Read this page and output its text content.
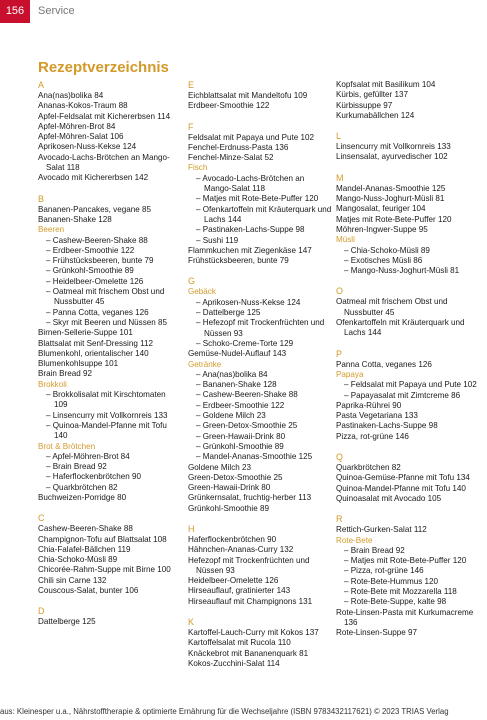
156	Service
Rezeptverzeichnis
A
Ana(nas)bolika 84
Ananas-Kokos-Traum 88
Apfel-Feldsalat mit Kichererbsen 114
Apfel-Möhren-Brot 84
Apfel-Möhren-Salat 106
Aprikosen-Nuss-Kekse 124
Avocado-Lachs-Brötchen an Mango-Salat 118
Avocado mit Kichererbsen 142
B
Bananen-Pancakes, vegane 85
Bananen-Shake 128
Beeren
– Cashew-Beeren-Shake 88
– Erdbeer-Smoothie 122
– Frühstücksbeeren, bunte 79
– Grünkohl-Smoothie 89
– Heidelbeer-Omelette 126
– Oatmeal mit frischem Obst und Nussbutter 45
– Panna Cotta, veganes 126
– Skyr mit Beeren und Nüssen 85
Birnen-Sellerie-Suppe 101
Blattsalat mit Senf-Dressing 112
Blumenkohl, orientalischer 140
Blumenkohlsuppe 101
Brain Bread 92
Brokkoli
– Brokkolisalat mit Kirschtomaten 109
– Linsencurry mit Vollkornreis 133
– Quinoa-Mandel-Pfanne mit Tofu 140
Brot & Brötchen
– Apfel-Möhren-Brot 84
– Brain Bread 92
– Haferflockenbrötchen 90
– Quarkbrötchen 82
Buchweizen-Porridge 80
C
Cashew-Beeren-Shake 88
Champignon-Tofu auf Blattsalat 108
Chia-Falafel-Bällchen 119
Chia-Schoko-Müsli 89
Chicorée-Rahm-Suppe mit Birne 100
Chili sin Carne 132
Couscous-Salat, bunter 106
D
Dattelberge 125
E
Eichblattsalat mit Mandeltofu 109
Erdbeer-Smoothie 122
F
Feldsalat mit Papaya und Pute 102
Fenchel-Erdnuss-Pasta 136
Fenchel-Minze-Salat 52
Fisch
– Avocado-Lachs-Brötchen an Mango-Salat 118
– Matjes mit Rote-Bete-Puffer 120
– Ofenkartoffeln mit Kräuterquark und Lachs 144
– Pastinaken-Lachs-Suppe 98
– Sushi 119
Flammkuchen mit Ziegenkäse 147
Frühstücksbeeren, bunte 79
G
Gebäck
– Aprikosen-Nuss-Kekse 124
– Dattelberge 125
– Hefezopf mit Trockenfrüchten und Nüssen 93
– Schoko-Creme-Torte 129
Gemüse-Nudel-Auflauf 143
Getränke
– Ana(nas)bolika 84
– Bananen-Shake 128
– Cashew-Beeren-Shake 88
– Erdbeer-Smoothie 122
– Goldene Milch 23
– Green-Detox-Smoothie 25
– Green-Hawaii-Drink 80
– Grünkohl-Smoothie 89
– Mandel-Ananas-Smoothie 125
Goldene Milch 23
Green-Detox-Smoothie 25
Green-Hawaii-Drink 80
Grünkernsalat, fruchtig-herber 113
Grünkohl-Smoothie 89
H
Haferflockenbrötchen 90
Hähnchen-Ananas-Curry 132
Hefezopf mit Trockenfrüchten und Nüssen 93
Heidelbeer-Omelette 126
Hirseauflauf, gratinierter 143
Hirseauflauf mit Champignons 131
K
Kartoffel-Lauch-Curry mit Kokos 137
Kartoffelsalat mit Rucola 110
Knäckebrot mit Bananenquark 81
Kokos-Zucchini-Salat 114
Kopfsalat mit Basilikum 104
Kürbis, gefüllter 137
Kürbissuppe 97
Kurkumabällchen 124
L
Linsencurry mit Vollkornreis 133
Linsensalat, ayurvedischer 102
M
Mandel-Ananas-Smoothie 125
Mango-Nuss-Joghurt-Müsli 81
Mangosalat, feuriger 104
Matjes mit Rote-Bete-Puffer 120
Möhren-Ingwer-Suppe 95
Müsli
– Chia-Schoko-Müsli 89
– Exotisches Müsli 86
– Mango-Nuss-Joghurt-Müsli 81
O
Oatmeal mit frischem Obst und Nussbutter 45
Ofenkartoffeln mit Kräuterquark und Lachs 144
P
Panna Cotta, veganes 126
Papaya
– Feldsalat mit Papaya und Pute 102
– Papayasalat mit Zimtcreme 86
Paprika-Rührei 90
Pasta Vegetariana 133
Pastinaken-Lachs-Suppe 98
Pizza, rot-grüne 146
Q
Quarkbrötchen 82
Quinoa-Gemüse-Pfanne mit Tofu 134
Quinoa-Mandel-Pfanne mit Tofu 140
Quinoasalat mit Avocado 105
R
Rettich-Gurken-Salat 112
Rote-Bete
– Brain Bread 92
– Matjes mit Rote-Bete-Puffer 120
– Pizza, rot-grüne 146
– Rote-Bete-Hummus 120
– Rote-Bete mit Mozzarella 118
– Rote-Bete-Suppe, kalte 98
Rote-Linsen-Pasta mit Kurkumacreme 136
Rote-Linsen-Suppe 97
aus: Kleinesper u.a., Nährstofftherapie & optimierte Ernährung für die Wechseljahre (ISBN 9783432117621) © 2023 TRIAS Verlag
